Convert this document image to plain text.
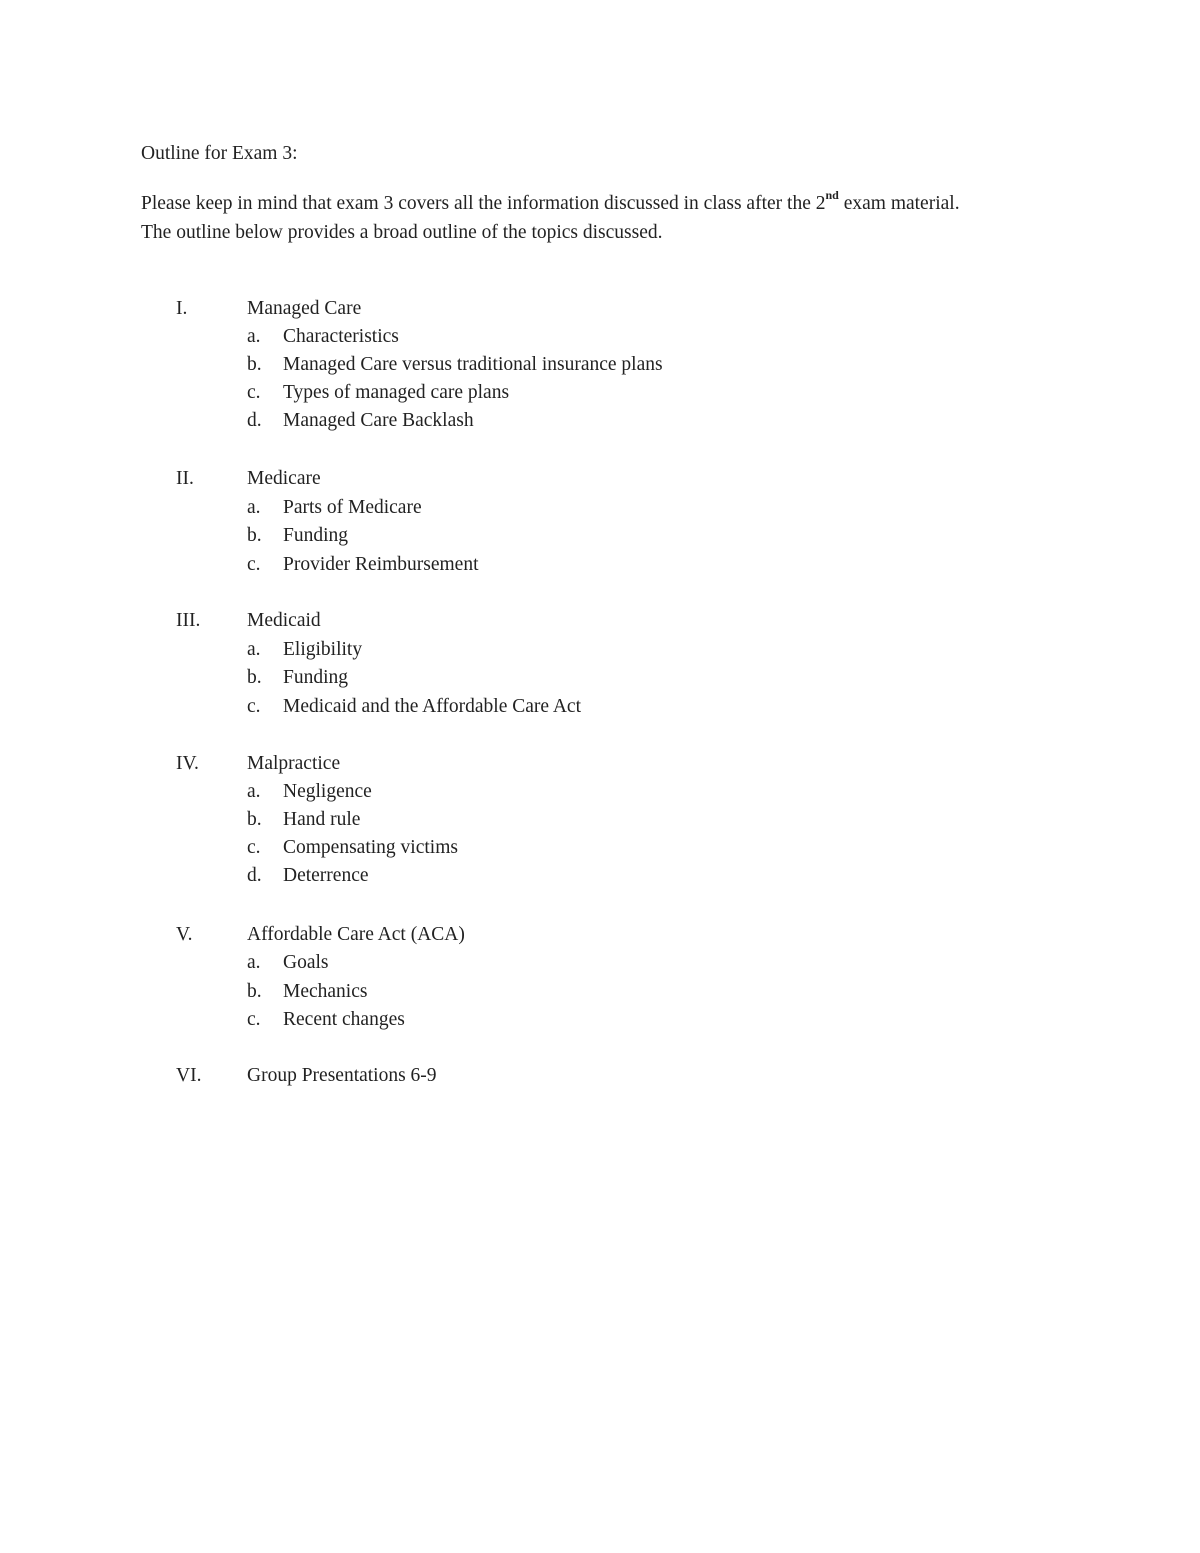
Outline for Exam 3:

Please keep in mind that exam 3 covers all the information discussed in class after the 2nd exam material.

The outline below provides a broad outline of the topics discussed.

I.	Managed Care
a. Characteristics
b. Managed Care versus traditional insurance plans
c. Types of managed care plans
d. Managed Care Backlash
II.	Medicare
a. Parts of Medicare
b. Funding
c. Provider Reimbursement
III. Medicaid
a. Eligibility
b. Funding
c. Medicaid and the Affordable Care Act
IV. Malpractice
a. Negligence
b. Hand rule
c. Compensating victims
d. Deterrence
V.	Affordable Care Act (ACA)
a. Goals
b. Mechanics
c. Recent changes
VI. Group Presentations 6-9
